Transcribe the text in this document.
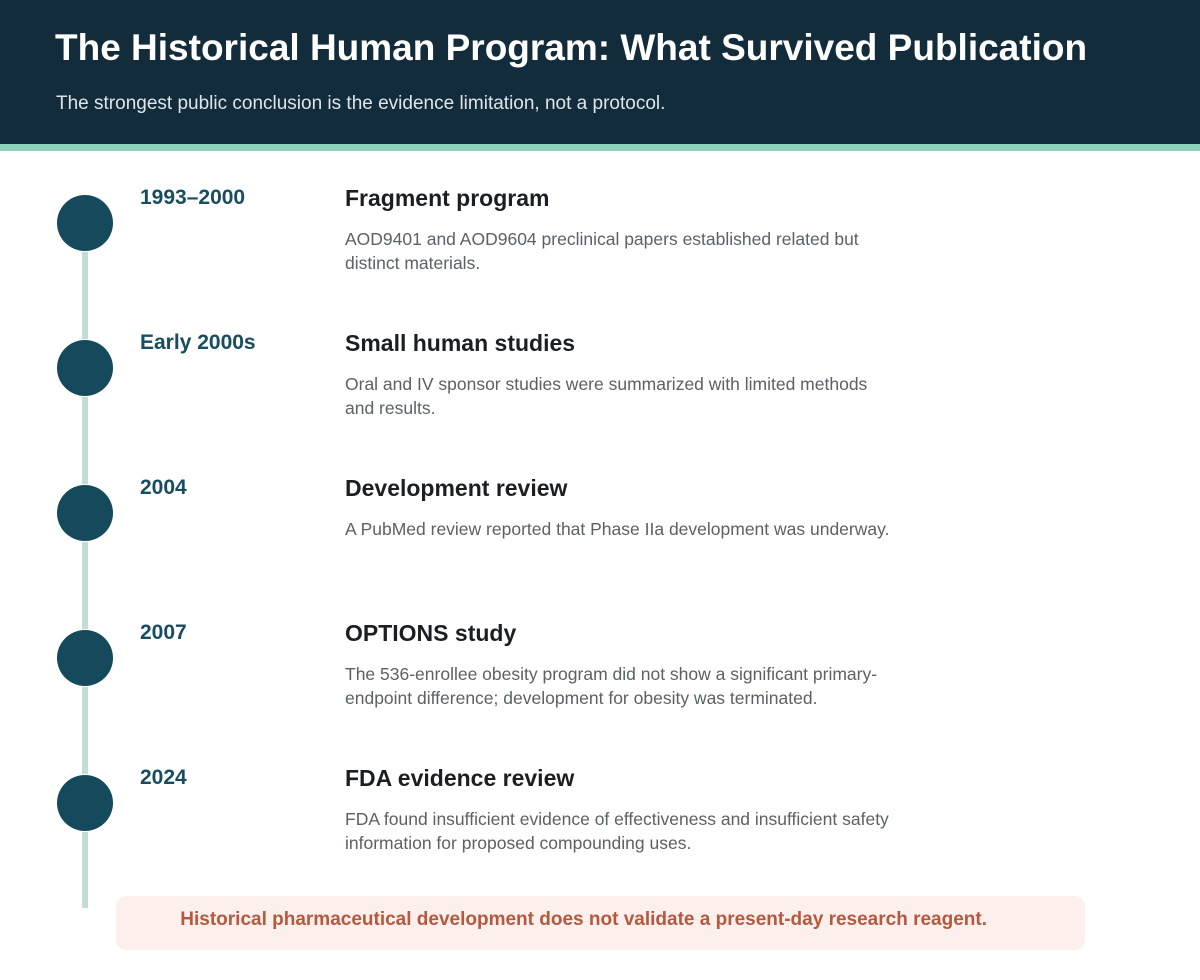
The Historical Human Program: What Survived Publication

The strongest public conclusion is the evidence limitation, not a protocol.

1993–2000	Fragment program
AOD9401 and AOD9604 preclinical papers established related but distinct materials.
Early 2000s	Small human studies
Oral and IV sponsor studies were summarized with limited methods and results.
2004	Development review
A PubMed review reported that Phase IIa development was underway.
2007	OPTIONS study
The 536-enrollee obesity program did not show a significant primary-endpoint difference; development for obesity was terminated.
2024	FDA evidence review
FDA found insufficient evidence of effectiveness and insufficient safety information for proposed compounding uses.
Historical pharmaceutical development does not validate a present-day research reagent.
